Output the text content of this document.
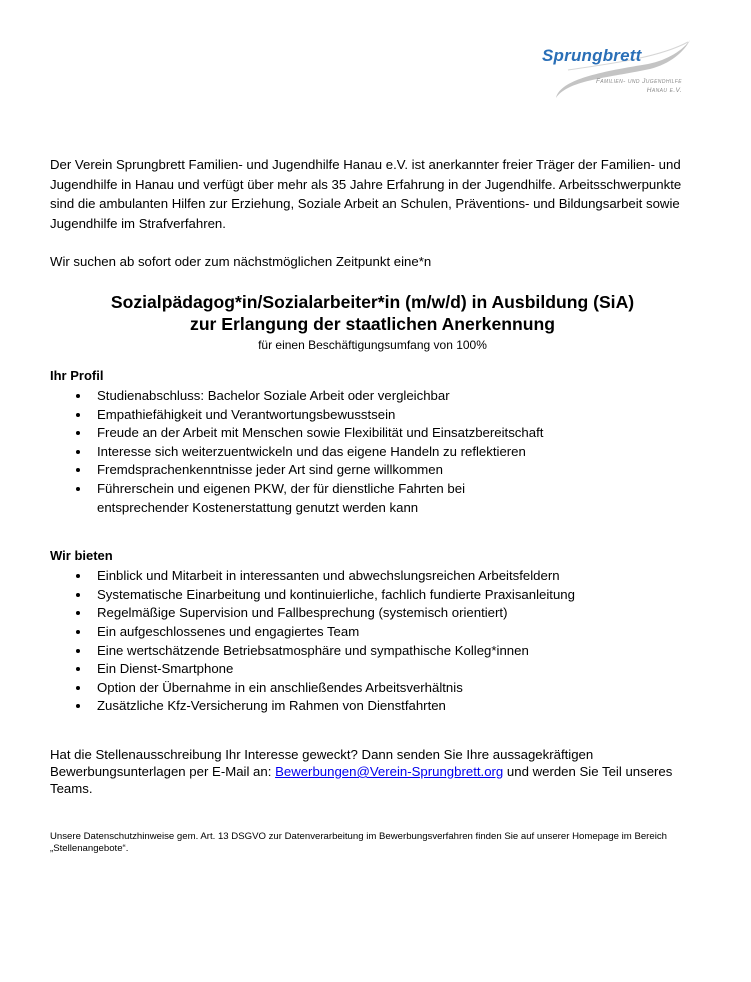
Sprungbrett
Familien- und Jugendhilfe
Hanau e.V.

Der Verein Sprungbrett Familien- und Jugendhilfe Hanau e.V. ist anerkannter freier Träger der Familien- und Jugendhilfe in Hanau und verfügt über mehr als 35 Jahre Erfahrung in der Jugendhilfe. Arbeitsschwerpunkte sind die ambulanten Hilfen zur Erziehung, Soziale Arbeit an Schulen, Präventions- und Bildungsarbeit sowie Jugendhilfe im Strafverfahren.

Wir suchen ab sofort oder zum nächstmöglichen Zeitpunkt eine*n

Sozialpädagog*in/Sozialarbeiter*in (m/w/d) in Ausbildung (SiA)
zur Erlangung der staatlichen Anerkennung
für einen Beschäftigungsumfang von 100%
Ihr Profil
Studienabschluss: Bachelor Soziale Arbeit oder vergleichbar
Empathiefähigkeit und Verantwortungsbewusstsein
Freude an der Arbeit mit Menschen sowie Flexibilität und Einsatzbereitschaft
Interesse sich weiterzuentwickeln und das eigene Handeln zu reflektieren
Fremdsprachenkenntnisse jeder Art sind gerne willkommen
Führerschein und eigenen PKW, der für dienstliche Fahrten bei entsprechender Kostenerstattung genutzt werden kann
Wir bieten
Einblick und Mitarbeit in interessanten und abwechslungsreichen Arbeitsfeldern
Systematische Einarbeitung und kontinuierliche, fachlich fundierte Praxisanleitung
Regelmäßige Supervision und Fallbesprechung (systemisch orientiert)
Ein aufgeschlossenes und engagiertes Team
Eine wertschätzende Betriebsatmosphäre und sympathische Kolleg*innen
Ein Dienst-Smartphone
Option der Übernahme in ein anschließendes Arbeitsverhältnis
Zusätzliche Kfz-Versicherung im Rahmen von Dienstfahrten

Hat die Stellenausschreibung Ihr Interesse geweckt? Dann senden Sie Ihre aussagekräftigen Bewerbungsunterlagen per E-Mail an: Bewerbungen@Verein-Sprungbrett.org und werden Sie Teil unseres Teams.

Unsere Datenschutzhinweise gem. Art. 13 DSGVO zur Datenverarbeitung im Bewerbungsverfahren finden Sie auf unserer Homepage im Bereich „Stellenangebote“.
